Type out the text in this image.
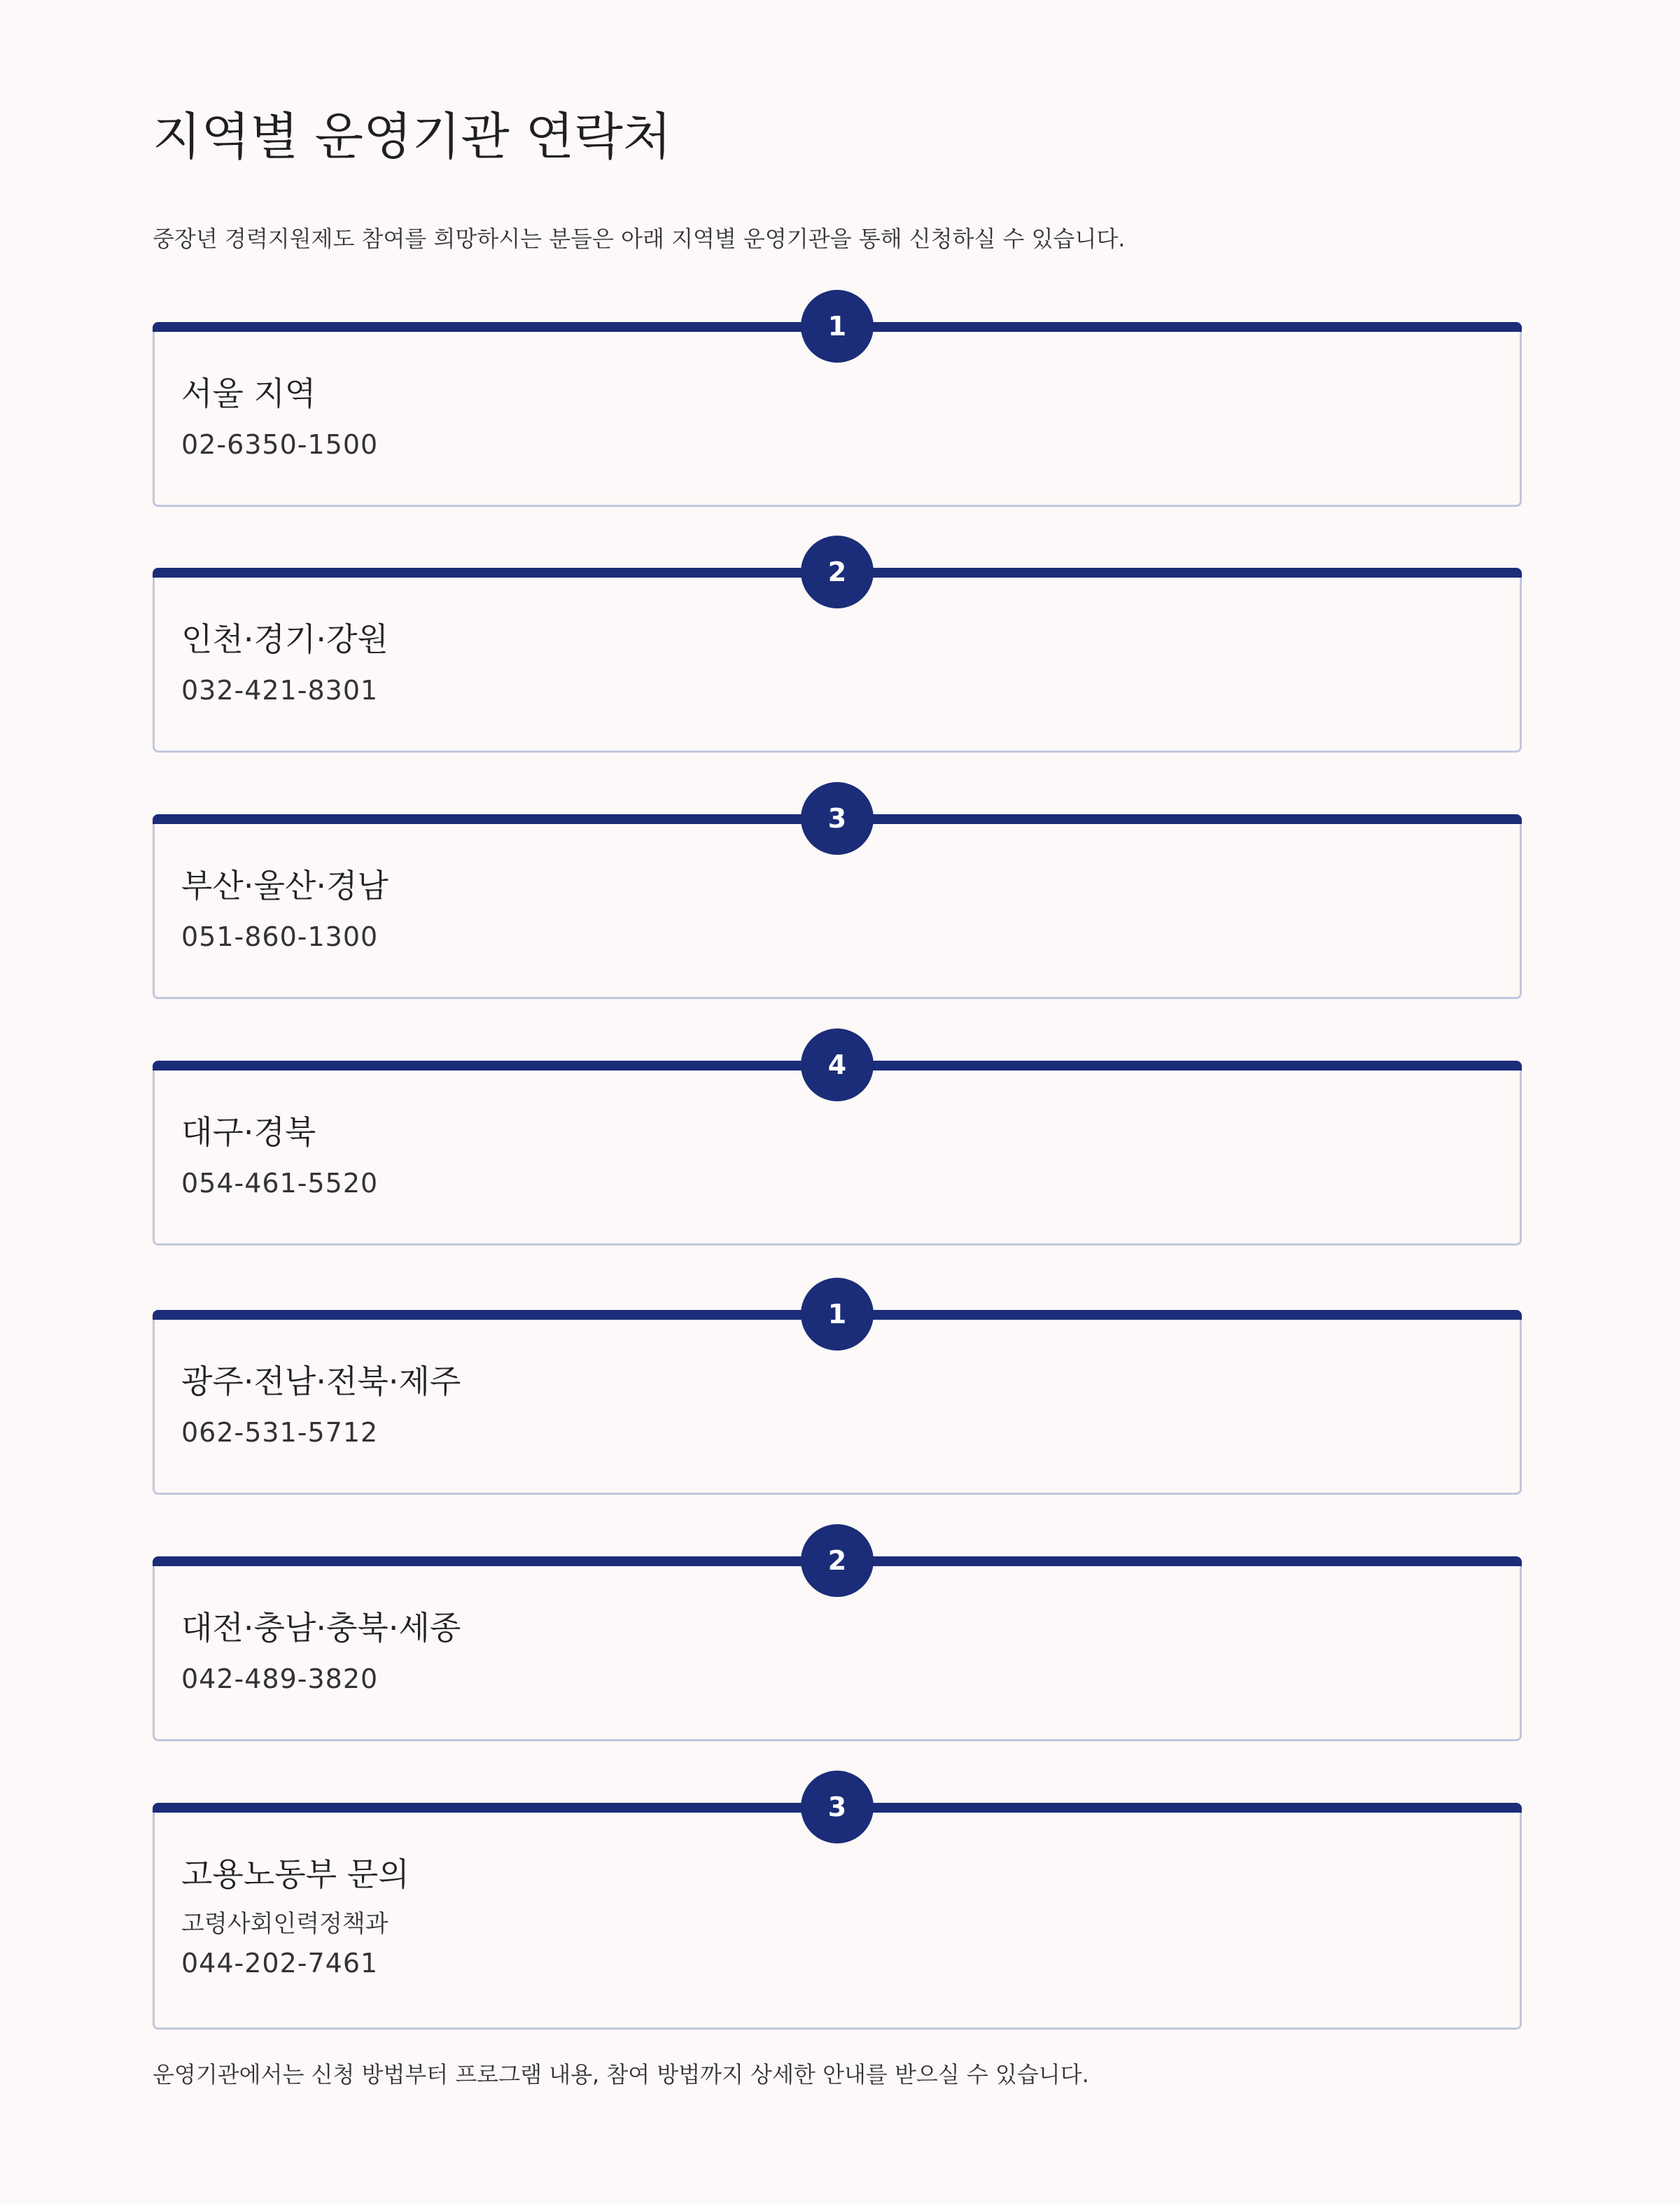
지역별 운영기관 연락처
중장년 경력지원제도 참여를 희망하시는 분들은 아래 지역별 운영기관을 통해 신청하실 수 있습니다.
1
서울 지역
02-6350-1500
2
인천·경기·강원
032-421-8301
3
부산·울산·경남
051-860-1300
4
대구·경북
054-461-5520
1
광주·전남·전북·제주
062-531-5712
2
대전·충남·충북·세종
042-489-3820
3
고용노동부 문의
고령사회인력정책과
044-202-7461
운영기관에서는 신청 방법부터 프로그램 내용, 참여 방법까지 상세한 안내를 받으실 수 있습니다.
